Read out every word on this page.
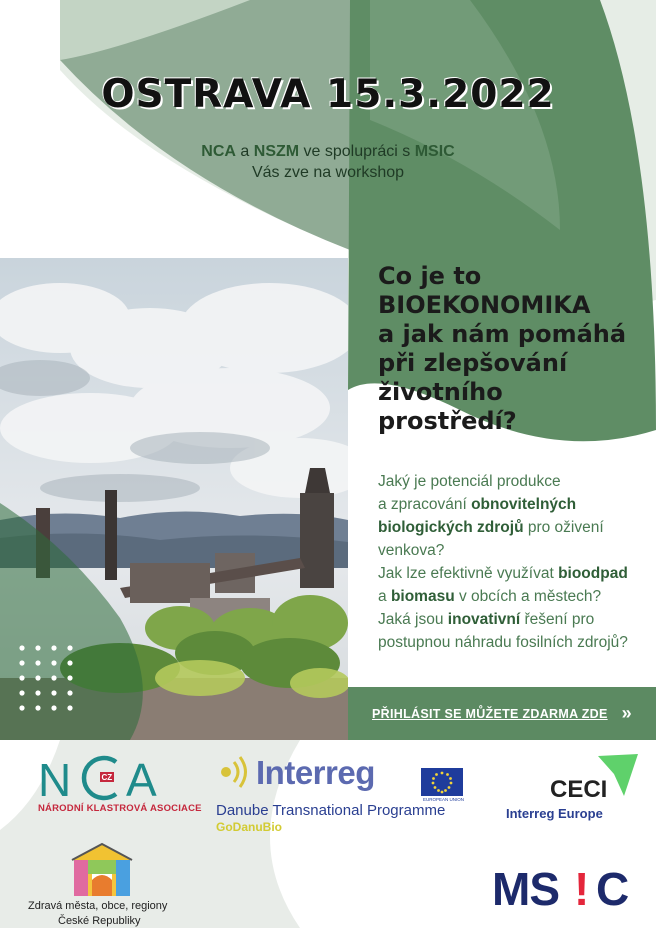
OSTRAVA 15.3.2022
NCA a NSZM ve spolupráci s MSIC
Vás zve na workshop
Co je to
BIOEKONOMIKA
a jak nám pomáhá
při zlepšování
životního
prostředí?
Jaký je potenciál produkce
a zpracování obnovitelných
biologických zdrojů pro oživení
venkova?
Jak lze efektivně využívat bioodpad
a biomasu v obcích a městech?
Jaká jsou inovativní řešení pro
postupnou náhradu fosilních zdrojů?
PŘIHLÁSIT SE MŮŽETE ZDARMA ZDE »
N	CZ A
NÁRODNÍ KLASTROVÁ ASOCIACE
Interreg
EUROPEAN UNION
Danube Transnational Programme
GoDanuBio
CECI
Interreg Europe
Zdravá města, obce, regiony
České Republiky
MS ! C
